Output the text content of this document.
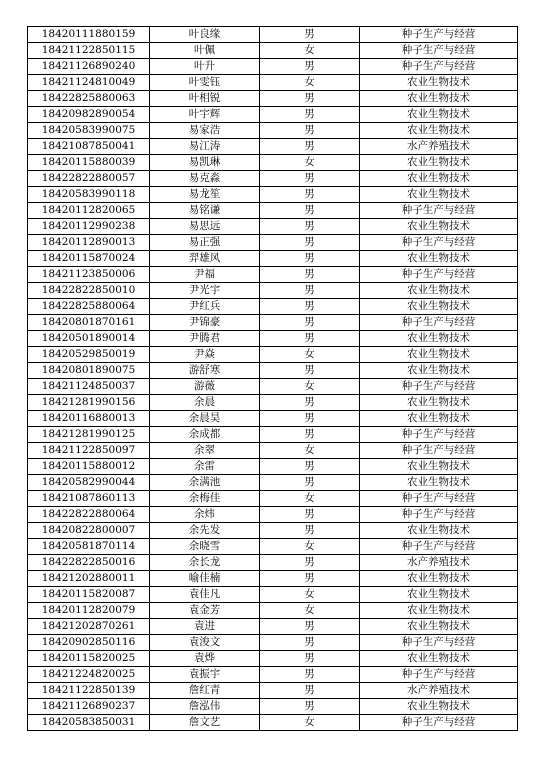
18420111880159	叶良缘	男	种子生产与经营
18421122850115	叶佩	女	种子生产与经营
18421126890240	叶升	男	种子生产与经营
18421124810049	叶雯钰	女	农业生物技术
18422825880063	叶相锐	男	农业生物技术
18420982890054	叶宇辉	男	农业生物技术
18420583990075	易家浩	男	农业生物技术
18421087850041	易江涛	男	水产养殖技术
18420115880039	易凯琳	女	农业生物技术
18422822880057	易克淼	男	农业生物技术
18420583990118	易龙笙	男	农业生物技术
18420112820065	易铭谦	男	种子生产与经营
18420112990238	易思远	男	农业生物技术
18420112890013	易正强	男	种子生产与经营
18420115870024	羿雄风	男	农业生物技术
18421123850006	尹福	男	种子生产与经营
18422822850010	尹光宇	男	农业生物技术
18422825880064	尹红兵	男	农业生物技术
18420801870161	尹锦豪	男	种子生产与经营
18420501890014	尹腾君	男	农业生物技术
18420529850019	尹焱	女	农业生物技术
18420801890075	游舒寒	男	农业生物技术
18421124850037	游薇	女	种子生产与经营
18421281990156	余晨	男	农业生物技术
18420116880013	余晨昊	男	农业生物技术
18421281990125	余成都	男	种子生产与经营
18421122850097	余翠	女	种子生产与经营
18420115880012	余雷	男	农业生物技术
18420582990044	余满池	男	农业生物技术
18421087860113	余梅佳	女	种子生产与经营
18422822880064	余炜	男	种子生产与经营
18420822800007	余先发	男	农业生物技术
18420581870114	余晓雪	女	种子生产与经营
18422822850016	余长龙	男	水产养殖技术
18421202880011	喻佳楠	男	农业生物技术
18420115820087	袁佳凡	女	农业生物技术
18420112820079	袁金芳	女	农业生物技术
18421202870261	袁进	男	农业生物技术
18420902850116	袁浚文	男	种子生产与经营
18420115820025	袁烨	男	农业生物技术
18421224820025	袁振宇	男	种子生产与经营
18421122850139	詹红青	男	水产养殖技术
18421126890237	詹泓伟	男	农业生物技术
18420583850031	詹文艺	女	种子生产与经营
